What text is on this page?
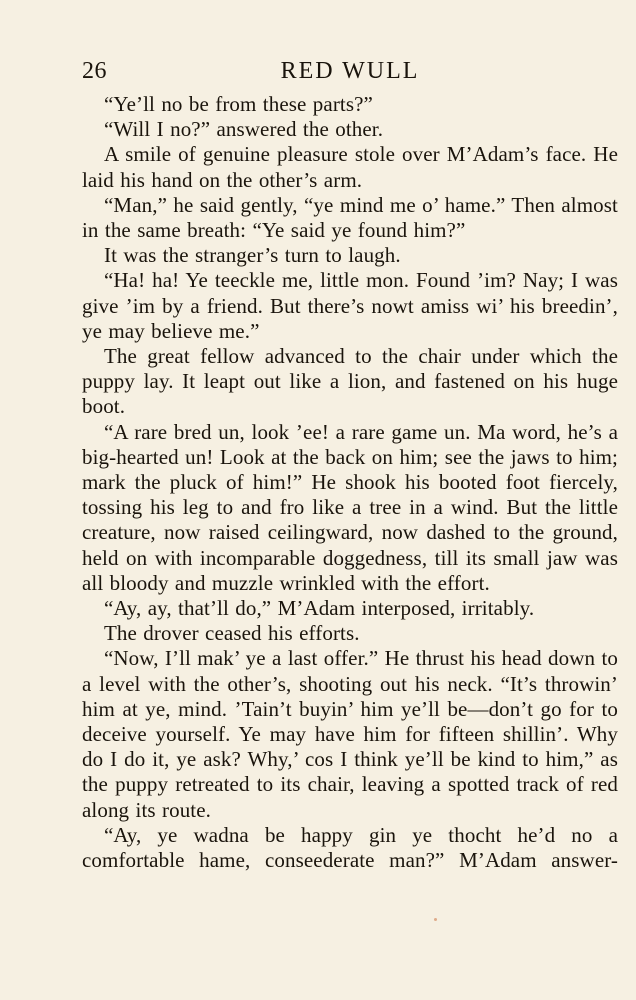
26	RED WULL

“Ye’ll no be from these parts?”

“Will I no?” answered the other.

A smile of genuine pleasure stole over M’Adam’s face. He laid his hand on the other’s arm.

“Man,” he said gently, “ye mind me o’ hame.” Then almost in the same breath: “Ye said ye found him?”

It was the stranger’s turn to laugh.

“Ha! ha! Ye teeckle me, little mon. Found ’im? Nay; I was give ’im by a friend. But there’s nowt amiss wi’ his breedin’, ye may believe me.”

The great fellow advanced to the chair under which the puppy lay. It leapt out like a lion, and fastened on his huge boot.

“A rare bred un, look ’ee! a rare game un. Ma word, he’s a big-hearted un! Look at the back on him; see the jaws to him; mark the pluck of him!” He shook his booted foot fiercely, tossing his leg to and fro like a tree in a wind. But the little creature, now raised ceilingward, now dashed to the ground, held on with incomparable doggedness, till its small jaw was all bloody and muzzle wrinkled with the effort.

“Ay, ay, that’ll do,” M’Adam interposed, irritably.

The drover ceased his efforts.

“Now, I’ll mak’ ye a last offer.” He thrust his head down to a level with the other’s, shooting out his neck. “It’s throwin’ him at ye, mind. ’Tain’t buyin’ him ye’ll be—don’t go for to deceive yourself. Ye may have him for fifteen shillin’. Why do I do it, ye ask? Why,’ cos I think ye’ll be kind to him,” as the puppy retreated to its chair, leaving a spotted track of red along its route.

“Ay, ye wadna be happy gin ye thocht he’d no a comfortable hame, conseederate man?” M’Adam answer-
